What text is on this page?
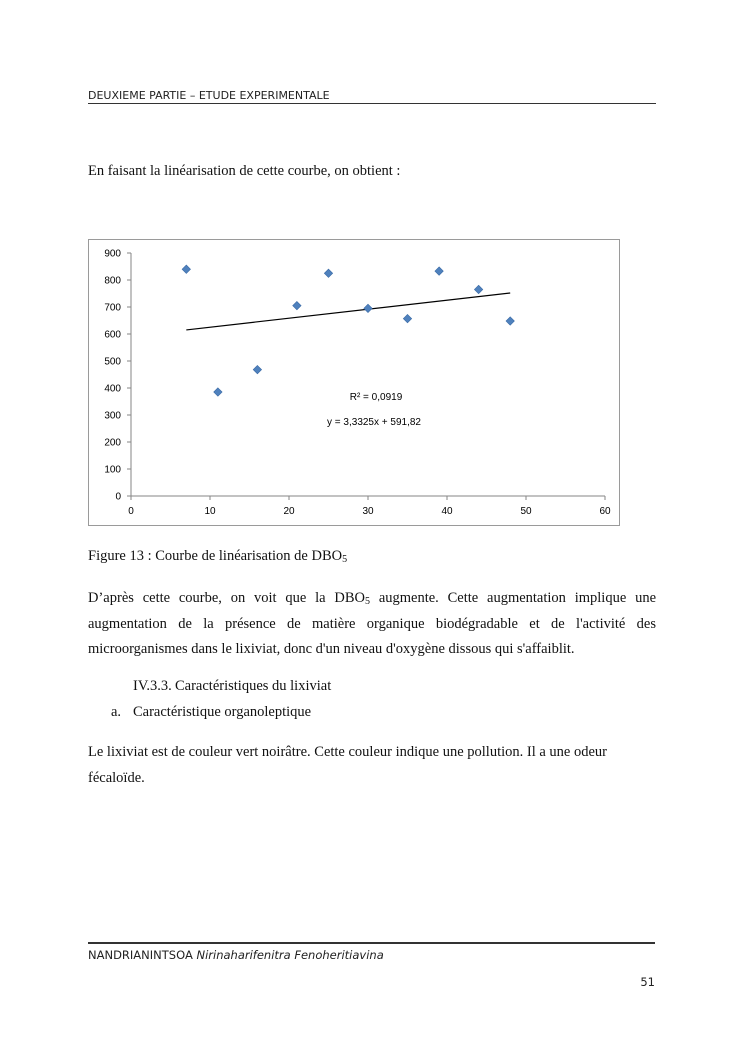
DEUXIEME PARTIE – ETUDE EXPERIMENTALE
En faisant la linéarisation de cette courbe, on obtient :
0
100
200
300
400
500
600
700
800
900
0	10	20	30	40	50	60
R² = 0,0919
y = 3,3325x + 591,82
Figure 13 : Courbe de linéarisation de $DBO_5$
D’après cette courbe, on voit que la $DBO_5$ augmente. Cette augmentation implique une augmentation de la présence de matière organique biodégradable et de l'activité des microorganismes dans le lixiviat, donc d'un niveau d'oxygène dissous qui s'affaiblit.
IV.3.3. Caractéristiques du lixiviat
a. Caractéristique organoleptique
Le lixiviat est de couleur vert noirâtre. Cette couleur indique une pollution. Il a une odeur fécaloïde.
NANDRIANINTSOA Nirinaharifenitra Fenoheritiavina
51
